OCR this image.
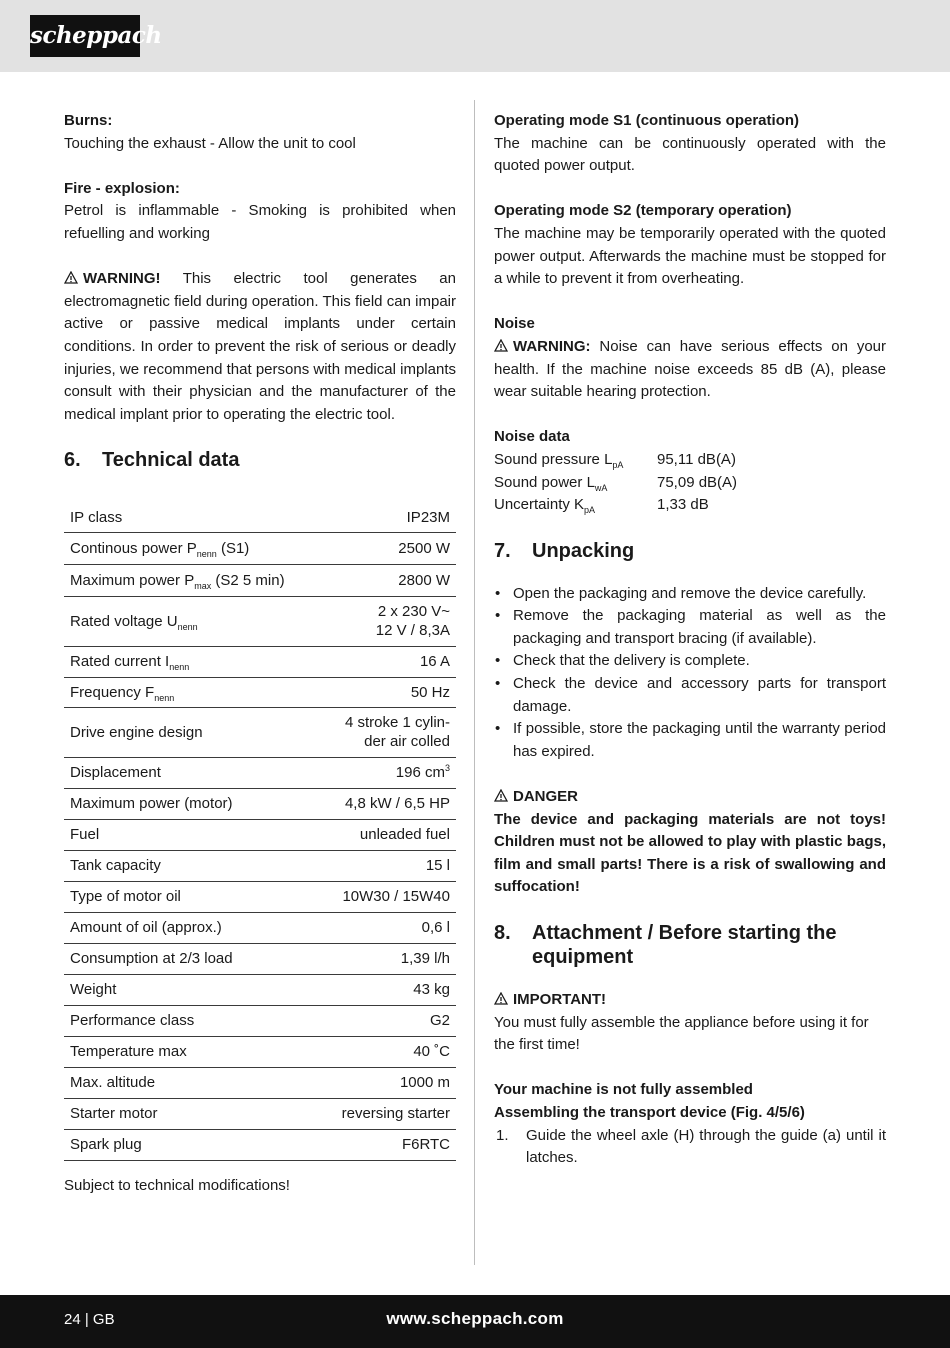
scheppach

Burns:

Touching the exhaust - Allow the unit to cool

Fire - explosion:

Petrol is inflammable - Smoking is prohibited when refuelling and working

WARNING! This electric tool generates an electromagnetic field during operation. This field can impair active or passive medical implants under certain conditions. In order to prevent the risk of serious or deadly injuries, we recommend that persons with medical implants consult with their physician and the manufacturer of the medical implant prior to operating the electric tool.

6.	Technical data
IP class	IP23M
Continous power $P_{nenn}$ (S1)	2500 W
Maximum power $P_{max}$ (S2 5 min)	2800 W
Rated voltage $U_{nenn}$	2 x 230 V~
12 V / 8,3A

Rated current $I_{nenn}$	16 A
Frequency $F_{nenn}$	50 Hz
Drive engine design	4 stroke 1 cylin-
der air colled

Displacement	196 $cm^3$
Maximum power (motor)	4,8 kW / 6,5 HP
Fuel	unleaded fuel
Tank capacity	15 l
Type of motor oil	10W30 / 15W40
Amount of oil (approx.)	0,6 l
Consumption at 2/3 load	1,39 l/h
Weight	43 kg
Performance class	G2
Temperature max	40 ˚C
Max. altitude	1000 m
Starter motor	reversing starter
Spark plug	F6RTC

Subject to technical modifications!

Operating mode S1 (continuous operation)

The machine can be continuously operated with the quoted power output.

Operating mode S2 (temporary operation)

The machine may be temporarily operated with the quoted power output. Afterwards the machine must be stopped for a while to prevent it from overheating.

Noise

WARNING: Noise can have serious effects on your health. If the machine noise exceeds 85 dB (A), please wear suitable hearing protection.

Noise data

Sound pressure $L_{pA}$	95,11 dB(A)
Sound power $L_{wA}$	75,09 dB(A)
Uncertainty $K_{pA}$	1,33 dB
7.	Unpacking
• Open the packaging and remove the device carefully.
• Remove the packaging material as well as the packaging and transport bracing (if available).
• Check that the delivery is complete.
• Check the device and accessory parts for transport damage.
• If possible, store the packaging until the warranty period has expired.

DANGER

The device and packaging materials are not toys! Children must not be allowed to play with plastic bags, film and small parts! There is a risk of swallowing and suffocation!

8.	Attachment / Before starting the equipment

IMPORTANT!

You must fully assemble the appliance before using it for the first time!

Your machine is not fully assembled

Assembling the transport device (Fig. 4/5/6)

1. Guide the wheel axle (H) through the guide (a) until it latches.
24 | GB	www.scheppach.com
